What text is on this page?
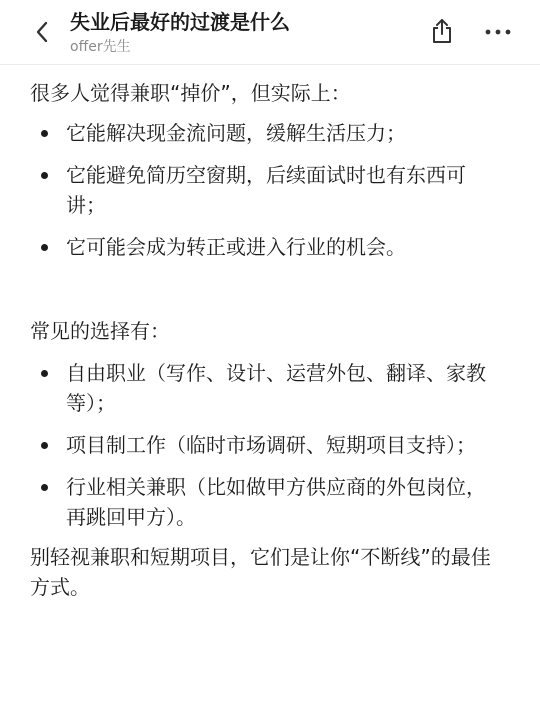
失业后最好的过渡是什么
offer先生

很多人觉得兼职“掉价”，但实际上：

它能解决现金流问题，缓解生活压力；
它能避免简历空窗期，后续面试时也有东西可讲；
它可能会成为转正或进入行业的机会。

常见的选择有：

自由职业（写作、设计、运营外包、翻译、家教等）；
项目制工作（临时市场调研、短期项目支持）；
行业相关兼职（比如做甲方供应商的外包岗位，再跳回甲方）。

别轻视兼职和短期项目，它们是让你“不断线”的最佳方式。
